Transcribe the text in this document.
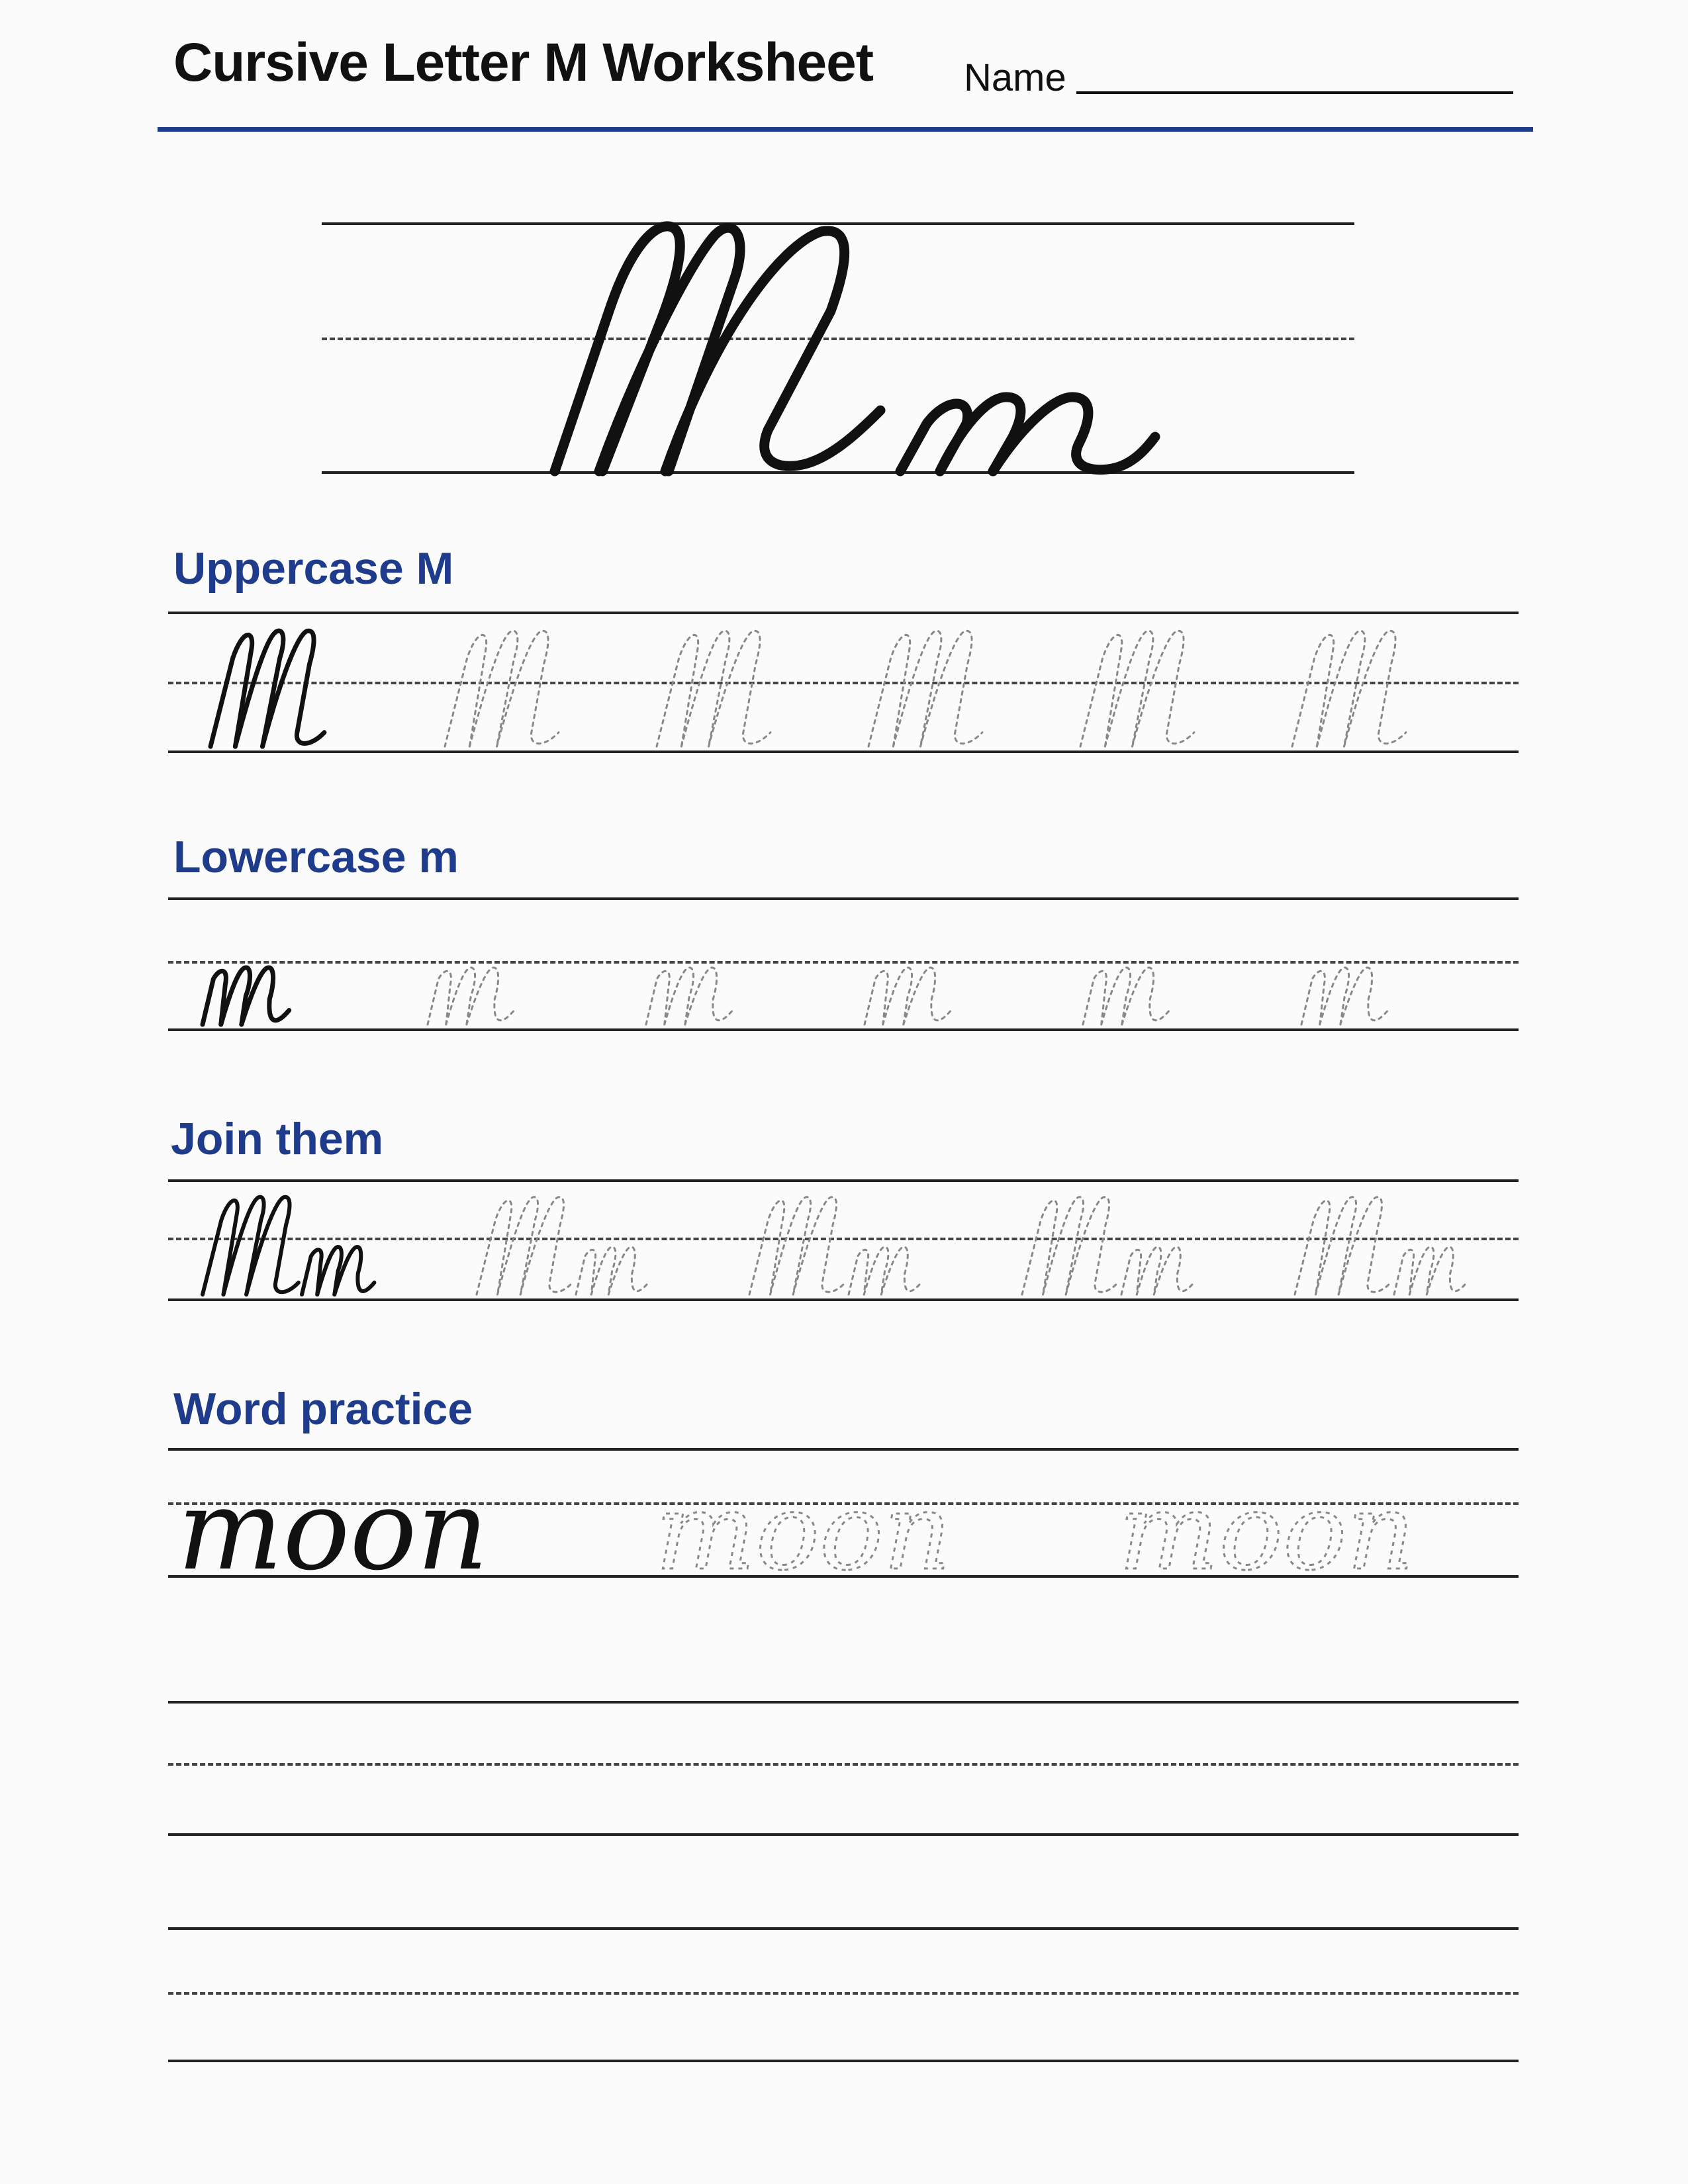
Cursive Letter M Worksheet Name
Uppercase M
Lowercase m
Join them
Word practice
moon moon moon
